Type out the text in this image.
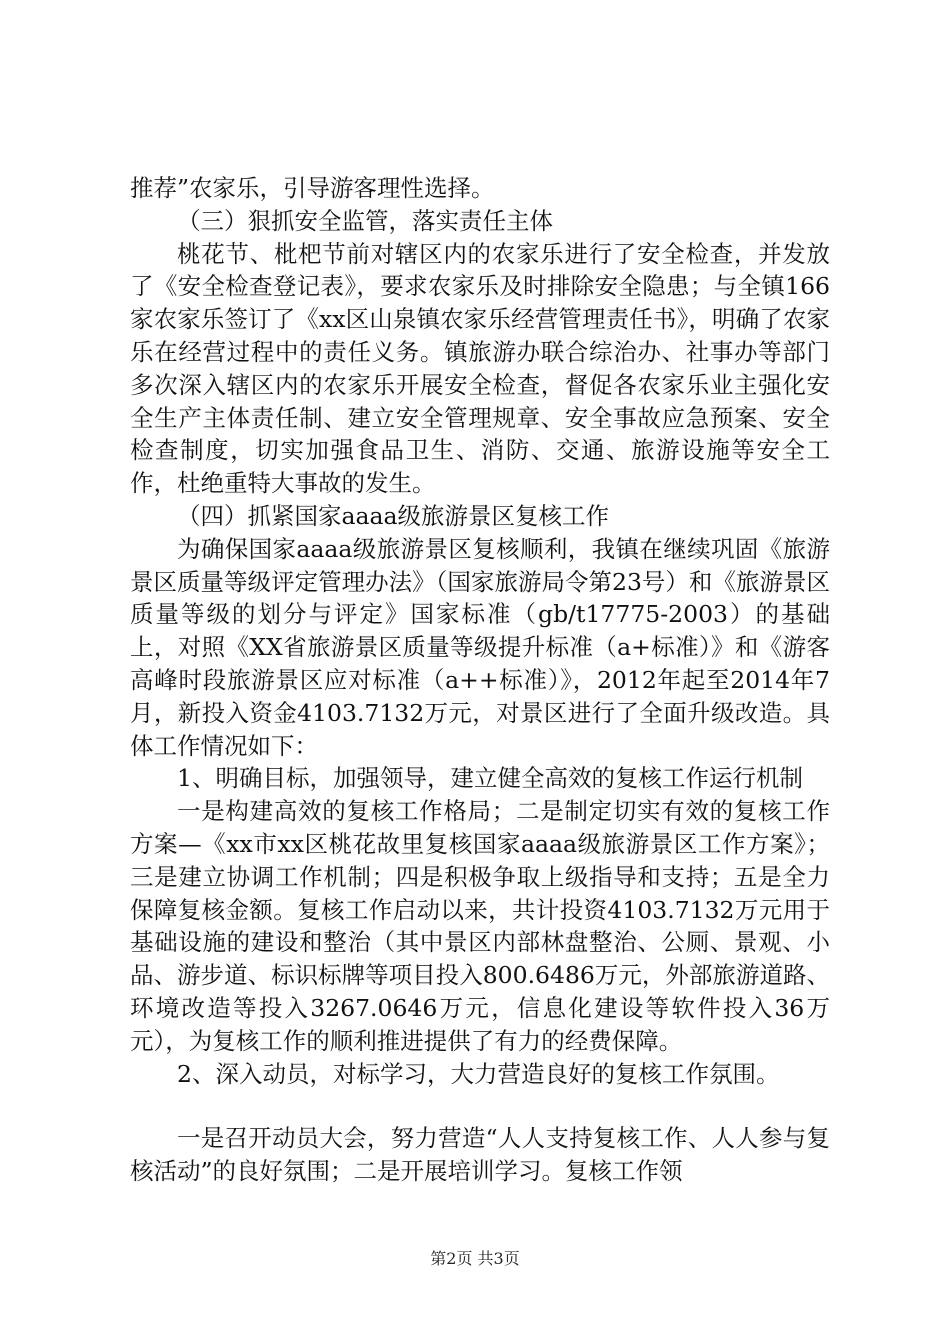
推荐”农家乐，引导游客理性选择。

（三）狠抓安全监管，落实责任主体

桃花节、枇杷节前对辖区内的农家乐进行了安全检查，并发放了《安全检查登记表》，要求农家乐及时排除安全隐患；与全镇166家农家乐签订了《xx区山泉镇农家乐经营管理责任书》，明确了农家乐在经营过程中的责任义务。镇旅游办联合综治办、社事办等部门多次深入辖区内的农家乐开展安全检查，督促各农家乐业主强化安全生产主体责任制、建立安全管理规章、安全事故应急预案、安全检查制度，切实加强食品卫生、消防、交通、旅游设施等安全工作，杜绝重特大事故的发生。

（四）抓紧国家aaaa级旅游景区复核工作

为确保国家aaaa级旅游景区复核顺利，我镇在继续巩固《旅游景区质量等级评定管理办法》（国家旅游局令第23号）和《旅游景区质量等级的划分与评定》国家标准（gb/t17775-2003）的基础上，对照《XX省旅游景区质量等级提升标准（a+标准）》和《游客高峰时段旅游景区应对标准（a++标准）》，2012年起至2014年7月，新投入资金4103.7132万元，对景区进行了全面升级改造。具体工作情况如下：

1、明确目标，加强领导，建立健全高效的复核工作运行机制

一是构建高效的复核工作格局；二是制定切实有效的复核工作方案—《xx市xx区桃花故里复核国家aaaa级旅游景区工作方案》；三是建立协调工作机制；四是积极争取上级指导和支持；五是全力保障复核金额。复核工作启动以来，共计投资4103.7132万元用于基础设施的建设和整治（其中景区内部林盘整治、公厕、景观、小品、游步道、标识标牌等项目投入800.6486万元，外部旅游道路、环境改造等投入3267.0646万元，信息化建设等软件投入36万元），为复核工作的顺利推进提供了有力的经费保障。

2、深入动员，对标学习，大力营造良好的复核工作氛围。

一是召开动员大会，努力营造“人人支持复核工作、人人参与复核活动”的良好氛围；二是开展培训学习。复核工作领

第2页 共3页
